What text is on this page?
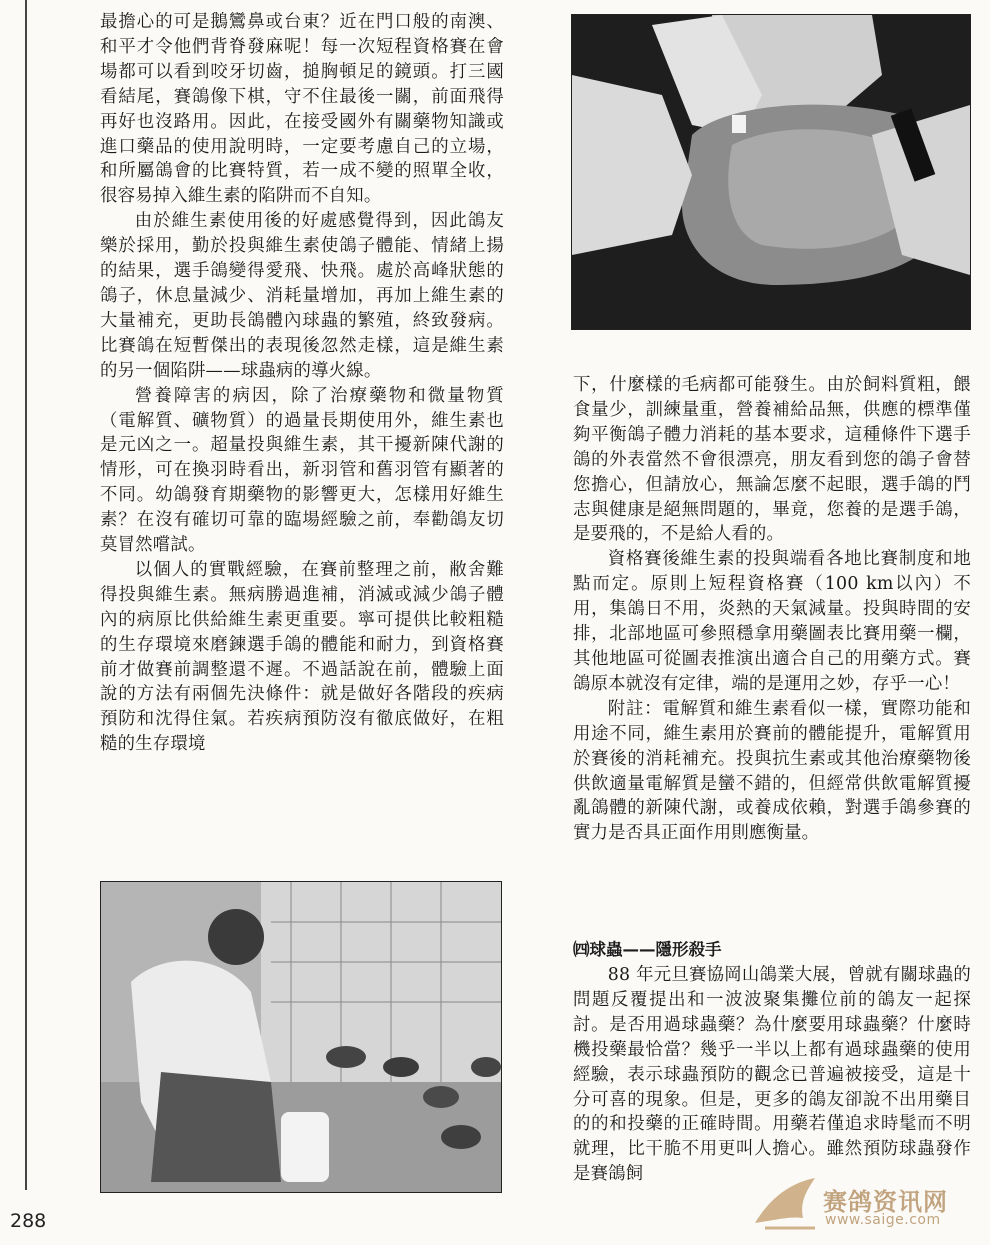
最擔心的可是鵝鸞鼻或台東？近在門口般的南澳、和平才令他們背脊發麻呢！每一次短程資格賽在會場都可以看到咬牙切齒，搥胸頓足的鏡頭。打三國看結尾，賽鴿像下棋，守不住最後一關，前面飛得再好也沒路用。因此，在接受國外有關藥物知識或進口藥品的使用說明時，一定要考慮自己的立場，和所屬鴿會的比賽特質，若一成不變的照單全收，很容易掉入維生素的陷阱而不自知。

由於維生素使用後的好處感覺得到，因此鴿友樂於採用，勤於投與維生素使鴿子體能、情緒上揚的結果，選手鴿變得愛飛、快飛。處於高峰狀態的鴿子，休息量減少、消耗量增加，再加上維生素的大量補充，更助長鴿體內球蟲的繁殖，終致發病。比賽鴿在短暫傑出的表現後忽然走樣，這是維生素的另一個陷阱——球蟲病的導火線。

營養障害的病因，除了治療藥物和微量物質（電解質、礦物質）的過量長期使用外，維生素也是元凶之一。超量投與維生素，其干擾新陳代謝的情形，可在換羽時看出，新羽管和舊羽管有顯著的不同。幼鴿發育期藥物的影響更大，怎樣用好維生素？在沒有確切可靠的臨場經驗之前，奉勸鴿友切莫冒然嚐試。

以個人的實戰經驗，在賽前整理之前，敝舍難得投與維生素。無病勝過進補，消滅或減少鴿子體內的病原比供給維生素更重要。寧可提供比較粗糙的生存環境來磨鍊選手鴿的體能和耐力，到資格賽前才做賽前調整還不遲。不過話說在前，體驗上面說的方法有兩個先決條件：就是做好各階段的疾病預防和沈得住氣。若疾病預防沒有徹底做好，在粗糙的生存環境

下，什麼樣的毛病都可能發生。由於飼料質粗，餵食量少，訓練量重，營養補給品無，供應的標準僅夠平衡鴿子體力消耗的基本要求，這種條件下選手鴿的外表當然不會很漂亮，朋友看到您的鴿子會替您擔心，但請放心，無論怎麼不起眼，選手鴿的鬥志與健康是絕無問題的，畢竟，您養的是選手鴿，是要飛的，不是給人看的。

資格賽後維生素的投與端看各地比賽制度和地點而定。原則上短程資格賽（100 km以內）不用，集鴿日不用，炎熱的天氣減量。投與時間的安排，北部地區可參照穩拿用藥圖表比賽用藥一欄，其他地區可從圖表推演出適合自己的用藥方式。賽鴿原本就沒有定律，端的是運用之妙，存乎一心！

附註：電解質和維生素看似一樣，實際功能和用途不同，維生素用於賽前的體能提升，電解質用於賽後的消耗補充。投與抗生素或其他治療藥物後供飲適量電解質是蠻不錯的，但經常供飲電解質擾亂鴿體的新陳代謝，或養成依賴，對選手鴿參賽的實力是否具正面作用則應衡量。

㈣球蟲——隱形殺手

88 年元旦賽協岡山鴿業大展，曾就有關球蟲的問題反覆提出和一波波聚集攤位前的鴿友一起探討。是否用過球蟲藥？為什麼要用球蟲藥？什麼時機投藥最恰當？幾乎一半以上都有過球蟲藥的使用經驗，表示球蟲預防的觀念已普遍被接受，這是十分可喜的現象。但是，更多的鴿友卻說不出用藥目的的和投藥的正確時間。用藥若僅追求時髦而不明就理，比干脆不用更叫人擔心。雖然預防球蟲發作是賽鴿飼

288
赛鸽资讯网
www.saige.com
